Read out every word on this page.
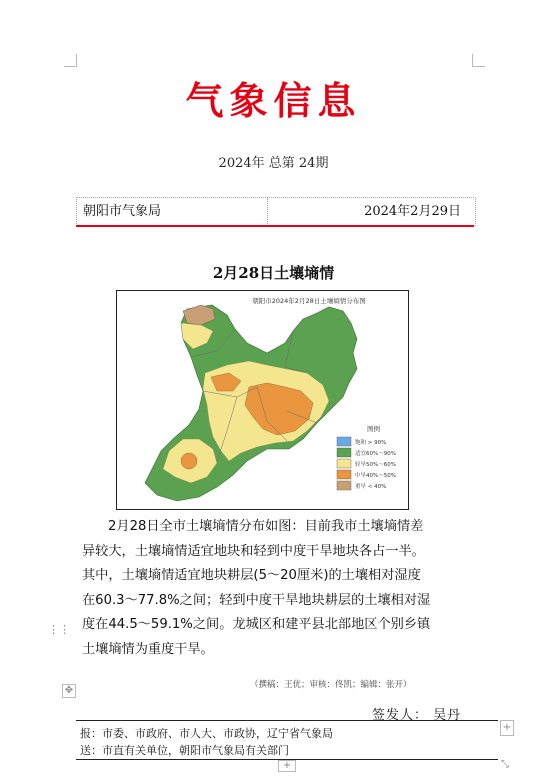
气象信息
2024年 总第 24期
朝阳市气象局	2024年2月29日
2月28日土壤墒情
朝阳市2024年2月28日土壤墒情分布图
图例
饱和 > 90%
适宜60%～90%
轻旱50%～60%
中旱40%～50%
重旱 < 40%
2月28日全市土壤墒情分布如图：目前我市土壤墒情差
异较大，土壤墒情适宜地块和轻到中度干旱地块各占一半。
其中，土壤墒情适宜地块耕层(5～20厘米)的土壤相对湿度
在60.3～77.8%之间；轻到中度干旱地块耕层的土壤相对湿
度在44.5～59.1%之间。龙城区和建平县北部地区个别乡镇
土壤墒情为重度干旱。
⋮⋮
（撰稿：王优；审核：佟凯；编辑：张开）
✥
签发人： 吴丹
报：市委、市政府、市人大、市政协，辽宁省气象局
送：市直有关单位，朝阳市气象局有关部门
+
+	⤡
